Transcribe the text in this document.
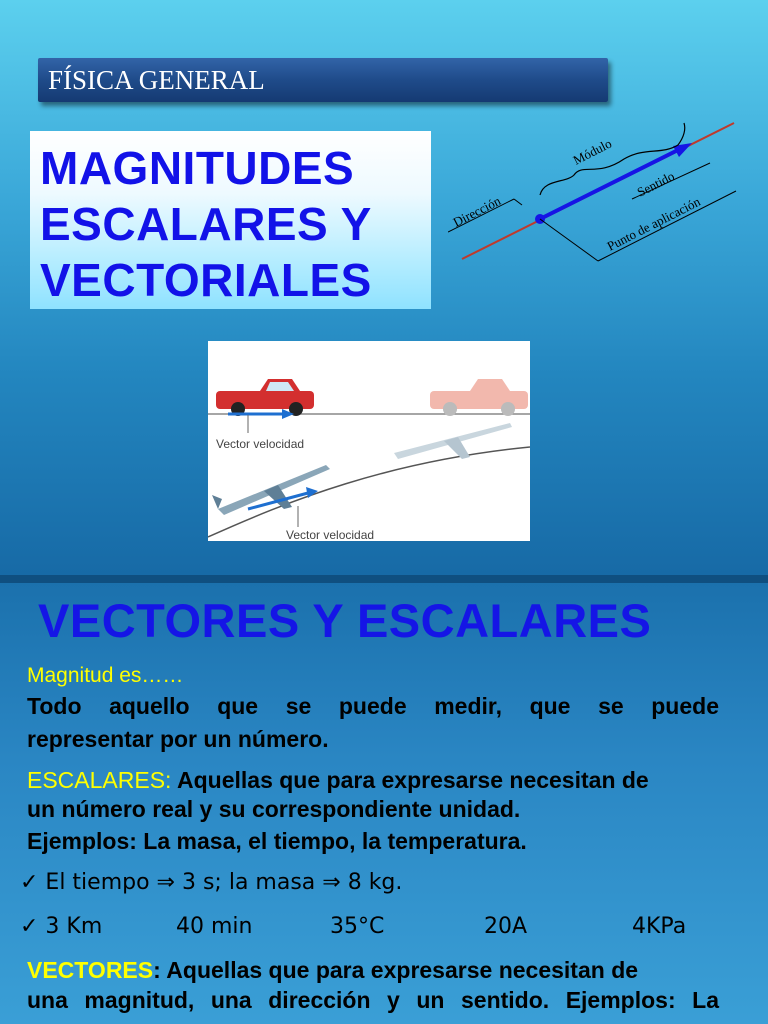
FÍSICA GENERAL
MAGNITUDES
ESCALARES Y
VECTORIALES
Módulo
Dirección
Sentido
Punto de aplicación
Vector velocidad
Vector velocidad
VECTORES Y ESCALARES
Magnitud es……
Todo aquello que se puede medir, que se puede
representar por un número.
ESCALARES: Aquellas que para expresarse necesitan de
un número real y su correspondiente unidad.
Ejemplos: La masa, el tiempo, la temperatura.
✓ El tiempo ⇒ 3 s; la masa ⇒ 8 kg.
✓ 3 Km	40 min	35°C	20A	4KPa
VECTORES: Aquellas que para expresarse necesitan de
una magnitud, una dirección y un sentido. Ejemplos: La
